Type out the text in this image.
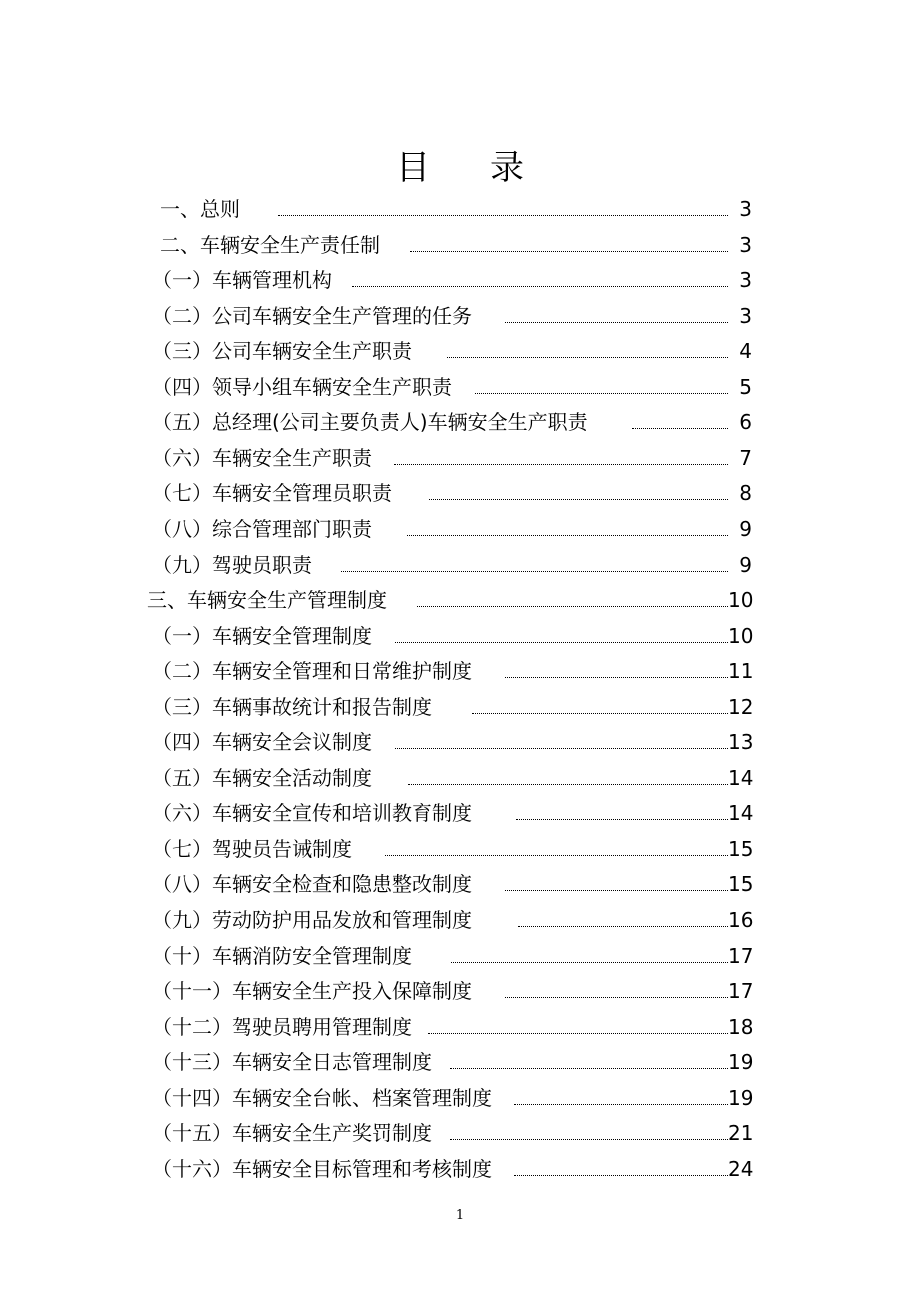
目 录
一、总则	3
二、车辆安全生产责任制	3
（一）车辆管理机构	3
（二）公司车辆安全生产管理的任务	3
（三）公司车辆安全生产职责	4
（四）领导小组车辆安全生产职责	5
（五）总经理(公司主要负责人)车辆安全生产职责	6
（六）车辆安全生产职责	7
（七）车辆安全管理员职责	8
（八）综合管理部门职责	9
（九）驾驶员职责	9
三、车辆安全生产管理制度	10
（一）车辆安全管理制度	10
（二）车辆安全管理和日常维护制度	11
（三）车辆事故统计和报告制度	12
（四）车辆安全会议制度	13
（五）车辆安全活动制度	14
（六）车辆安全宣传和培训教育制度	14
（七）驾驶员告诫制度	15
（八）车辆安全检查和隐患整改制度	15
（九）劳动防护用品发放和管理制度	16
（十）车辆消防安全管理制度	17
（十一）车辆安全生产投入保障制度	17
（十二）驾驶员聘用管理制度	18
（十三）车辆安全日志管理制度	19
（十四）车辆安全台帐、档案管理制度	19
（十五）车辆安全生产奖罚制度	21
（十六）车辆安全目标管理和考核制度	24
1
